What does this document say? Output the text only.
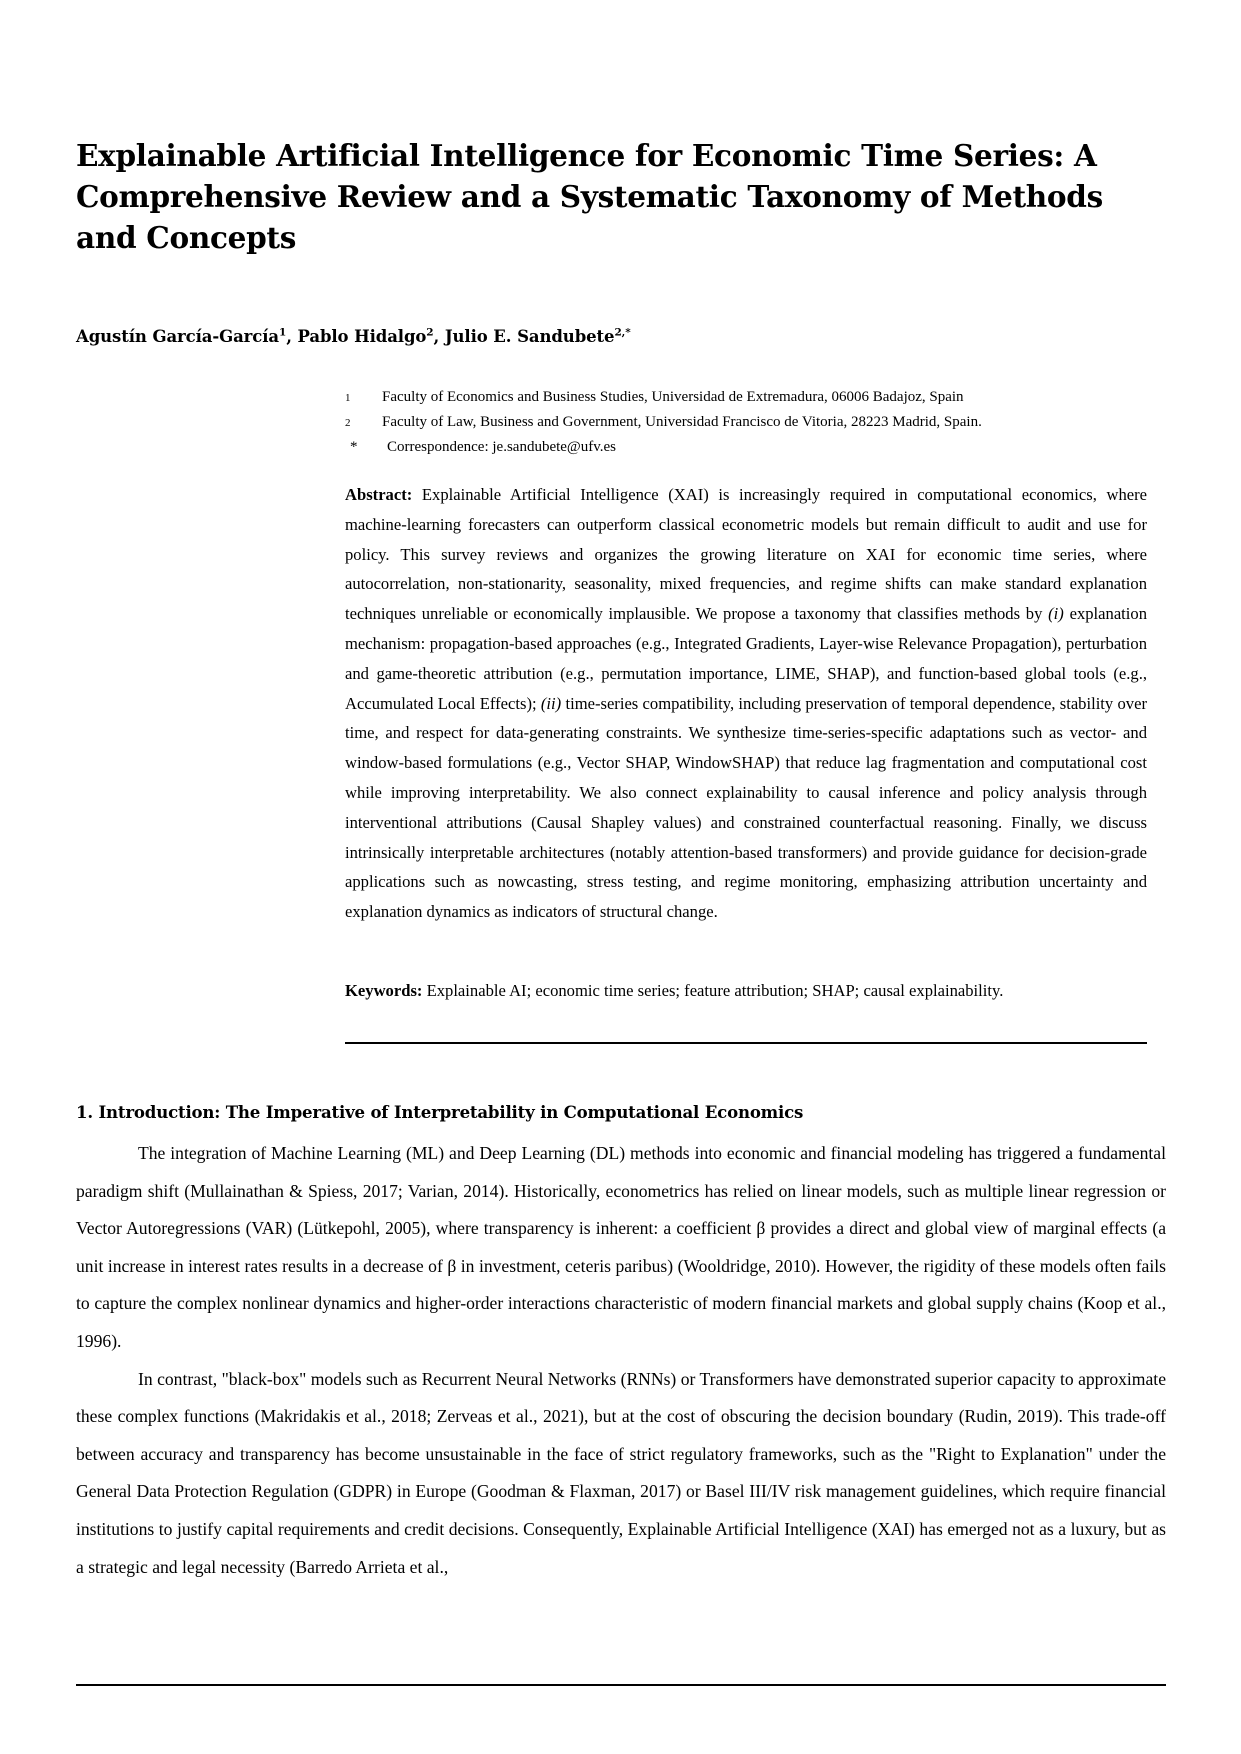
Explainable Artificial Intelligence for Economic Time Series: A Comprehensive Review and a Systematic Taxonomy of Methods and Concepts
Agustín García-García$^1$, Pablo Hidalgo$^2$, Julio E. Sandubete$^{2,*}$
1	Faculty of Economics and Business Studies, Universidad de Extremadura, 06006 Badajoz, Spain
2	Faculty of Law, Business and Government, Universidad Francisco de Vitoria, 28223 Madrid, Spain.
*	Correspondence: je.sandubete@ufv.es

Abstract: Explainable Artificial Intelligence (XAI) is increasingly required in computational economics, where machine-learning forecasters can outperform classical econometric models but remain difficult to audit and use for policy. This survey reviews and organizes the growing literature on XAI for economic time series, where autocorrelation, non-stationarity, seasonality, mixed frequencies, and regime shifts can make standard explanation techniques unreliable or economically implausible. We propose a taxonomy that classifies methods by (i) explanation mechanism: propagation-based approaches (e.g., Integrated Gradients, Layer-wise Relevance Propagation), perturbation and game-theoretic attribution (e.g., permutation importance, LIME, SHAP), and function-based global tools (e.g., Accumulated Local Effects); (ii) time-series compatibility, including preservation of temporal dependence, stability over time, and respect for data-generating constraints. We synthesize time-series-specific adaptations such as vector- and window-based formulations (e.g., Vector SHAP, WindowSHAP) that reduce lag fragmentation and computational cost while improving interpretability. We also connect explainability to causal inference and policy analysis through interventional attributions (Causal Shapley values) and constrained counterfactual reasoning. Finally, we discuss intrinsically interpretable architectures (notably attention-based transformers) and provide guidance for decision-grade applications such as nowcasting, stress testing, and regime monitoring, emphasizing attribution uncertainty and explanation dynamics as indicators of structural change.

Keywords: Explainable AI; economic time series; feature attribution; SHAP; causal explainability.
1. Introduction: The Imperative of Interpretability in Computational Economics

The integration of Machine Learning (ML) and Deep Learning (DL) methods into economic and financial modeling has triggered a fundamental paradigm shift (Mullainathan & Spiess, 2017; Varian, 2014). Historically, econometrics has relied on linear models, such as multiple linear regression or Vector Autoregressions (VAR) (Lütkepohl, 2005), where transparency is inherent: a coefficient β provides a direct and global view of marginal effects (a unit increase in interest rates results in a decrease of β in investment, ceteris paribus) (Wooldridge, 2010). However, the rigidity of these models often fails to capture the complex nonlinear dynamics and higher-order interactions characteristic of modern financial markets and global supply chains (Koop et al., 1996).

In contrast, "black-box" models such as Recurrent Neural Networks (RNNs) or Transformers have demonstrated superior capacity to approximate these complex functions (Makridakis et al., 2018; Zerveas et al., 2021), but at the cost of obscuring the decision boundary (Rudin, 2019). This trade-off between accuracy and transparency has become unsustainable in the face of strict regulatory frameworks, such as the "Right to Explanation" under the General Data Protection Regulation (GDPR) in Europe (Goodman & Flaxman, 2017) or Basel III/IV risk management guidelines, which require financial institutions to justify capital requirements and credit decisions. Consequently, Explainable Artificial Intelligence (XAI) has emerged not as a luxury, but as a strategic and legal necessity (Barredo Arrieta et al.,
